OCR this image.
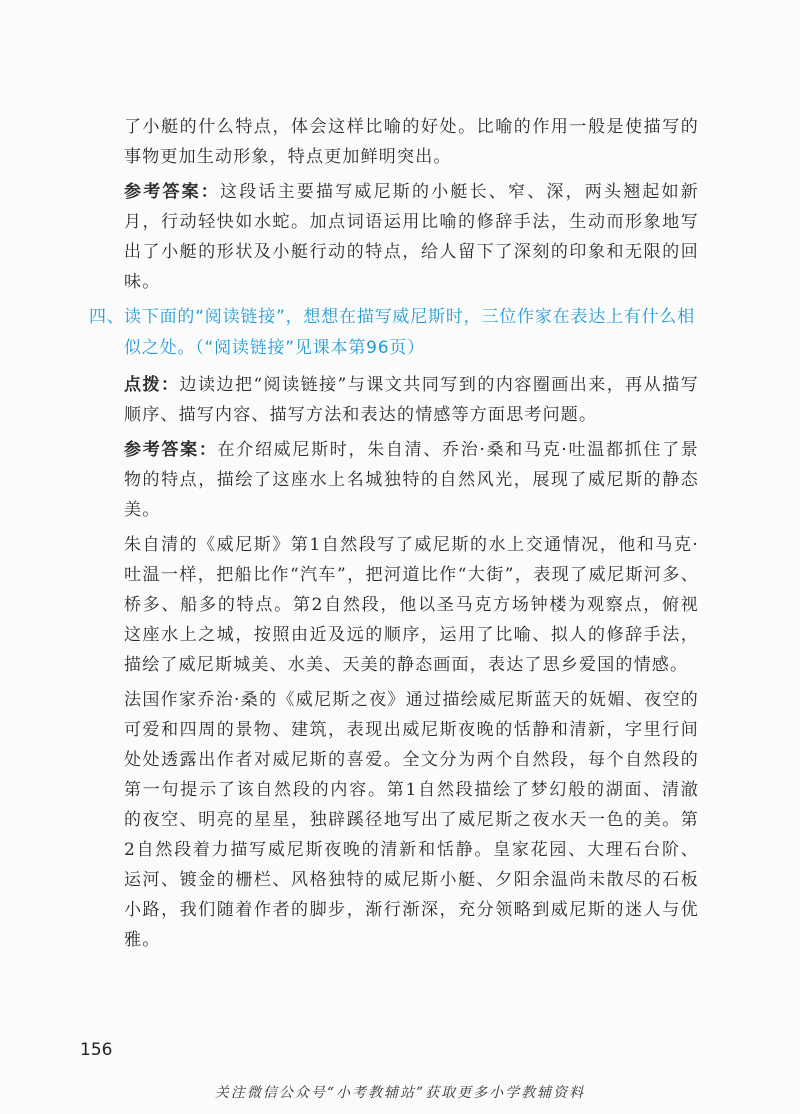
了小艇的什么特点，体会这样比喻的好处。比喻的作用一般是使描写的事物更加生动形象，特点更加鲜明突出。

参考答案：这段话主要描写威尼斯的小艇长、窄、深，两头翘起如新月，行动轻快如水蛇。加点词语运用比喻的修辞手法，生动而形象地写出了小艇的形状及小艇行动的特点，给人留下了深刻的印象和无限的回味。

四、 读下面的“阅读链接”，想想在描写威尼斯时，三位作家在表达上有什么相似之处。（“阅读链接”见课本第96页）

点拨：边读边把“阅读链接”与课文共同写到的内容圈画出来，再从描写顺序、描写内容、描写方法和表达的情感等方面思考问题。

参考答案：在介绍威尼斯时，朱自清、乔治·桑和马克·吐温都抓住了景物的特点，描绘了这座水上名城独特的自然风光，展现了威尼斯的静态美。

朱自清的《威尼斯》第1自然段写了威尼斯的水上交通情况，他和马克·吐温一样，把船比作“汽车”，把河道比作“大街”，表现了威尼斯河多、桥多、船多的特点。第2自然段，他以圣马克方场钟楼为观察点，俯视这座水上之城，按照由近及远的顺序，运用了比喻、拟人的修辞手法，描绘了威尼斯城美、水美、天美的静态画面，表达了思乡爱国的情感。

法国作家乔治·桑的《威尼斯之夜》通过描绘威尼斯蓝天的妩媚、夜空的可爱和四周的景物、建筑，表现出威尼斯夜晚的恬静和清新，字里行间处处透露出作者对威尼斯的喜爱。全文分为两个自然段，每个自然段的第一句提示了该自然段的内容。第1自然段描绘了梦幻般的湖面、清澈的夜空、明亮的星星，独辟蹊径地写出了威尼斯之夜水天一色的美。第2自然段着力描写威尼斯夜晚的清新和恬静。皇家花园、大理石台阶、运河、镀金的栅栏、风格独特的威尼斯小艇、夕阳余温尚未散尽的石板小路，我们随着作者的脚步，渐行渐深，充分领略到威尼斯的迷人与优雅。

156
关注微信公众号“小考教辅站”获取更多小学教辅资料
